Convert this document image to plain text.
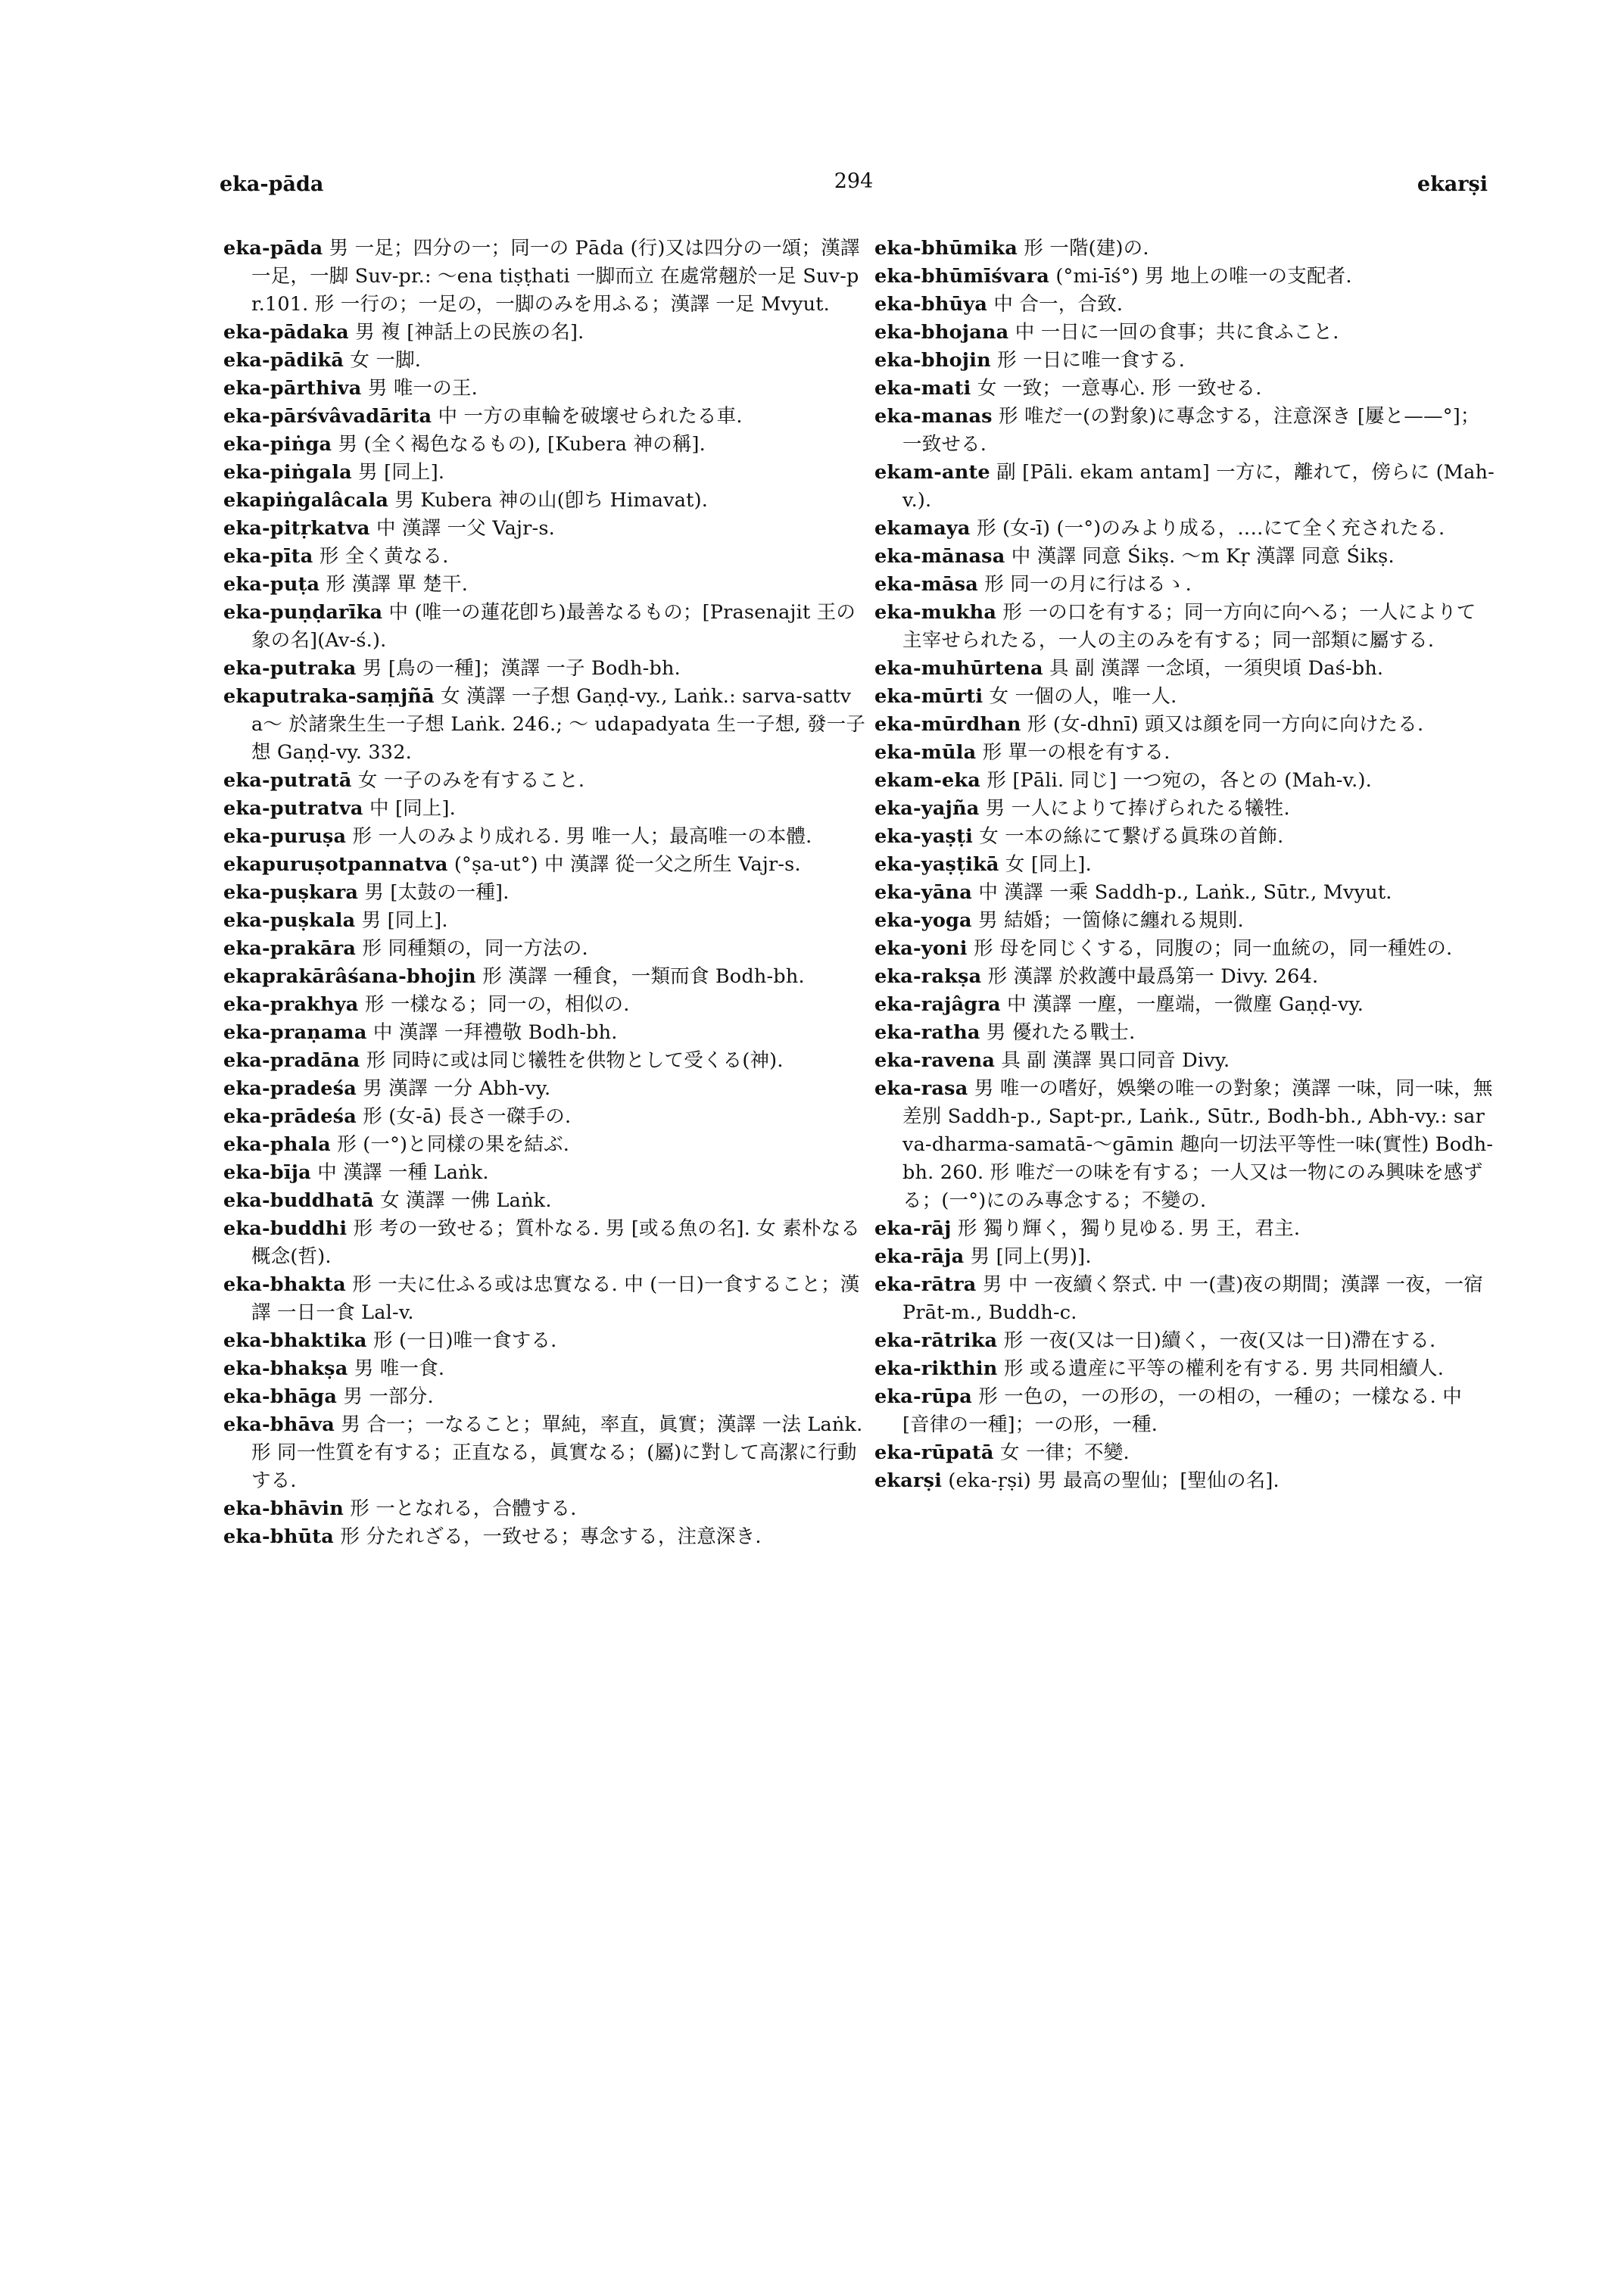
eka-pāda	294	ekarṣi

eka-pāda 男 一足；四分の一；同一の Pāda (行)又は四分の一頌；漢譯 一足，一脚 Suv-pr.: 〜ena tiṣṭhati 一脚而立 在處常翹於一足 Suv-pr.101. 形 一行の；一足の，一脚のみを用ふる；漢譯 一足 Mvyut.

eka-pādaka 男 複 [神話上の民族の名].

eka-pādikā 女 一脚.

eka-pārthiva 男 唯一の王.

eka-pārśvâvadārita 中 一方の車輪を破壞せられたる車.

eka-piṅga 男 (全く褐色なるもの), [Kubera 神の稱].

eka-piṅgala 男 [同上].

ekapiṅgalâcala 男 Kubera 神の山(卽ち Himavat).

eka-pitṛkatva 中 漢譯 一父 Vajr-s.

eka-pīta 形 全く黄なる.

eka-puṭa 形 漢譯 單 楚干.

eka-puṇḍarīka 中 (唯一の蓮花卽ち)最善なるもの；[Prasenajit 王の象の名](Av-ś.).

eka-putraka 男 [鳥の一種]；漢譯 一子 Bodh-bh.

ekaputraka-saṃjñā 女 漢譯 一子想 Gaṇḍ-vy., Laṅk.: sarva-sattva〜 於諸衆生生一子想 Laṅk. 246.; 〜 udapadyata 生一子想, 發一子想 Gaṇḍ-vy. 332.

eka-putratā 女 一子のみを有すること.

eka-putratva 中 [同上].

eka-puruṣa 形 一人のみより成れる. 男 唯一人；最高唯一の本體.

ekapuruṣotpannatva (°ṣa-ut°) 中 漢譯 從一父之所生 Vajr-s.

eka-puṣkara 男 [太鼓の一種].

eka-puṣkala 男 [同上].

eka-prakāra 形 同種類の，同一方法の.

ekaprakārâśana-bhojin 形 漢譯 一種食，一類而食 Bodh-bh.

eka-prakhya 形 一樣なる；同一の，相似の.

eka-praṇama 中 漢譯 一拜禮敬 Bodh-bh.

eka-pradāna 形 同時に或は同じ犧牲を供物として受くる(神).

eka-pradeśa 男 漢譯 一分 Abh-vy.

eka-prādeśa 形 (女-ā) 長さ一磔手の.

eka-phala 形 (一°)と同樣の果を結ぶ.

eka-bīja 中 漢譯 一種 Laṅk.

eka-buddhatā 女 漢譯 一佛 Laṅk.

eka-buddhi 形 考の一致せる；質朴なる. 男 [或る魚の名]. 女 素朴なる概念(哲).

eka-bhakta 形 一夫に仕ふる或は忠實なる. 中 (一日)一食すること；漢譯 一日一食 Lal-v.

eka-bhaktika 形 (一日)唯一食する.

eka-bhakṣa 男 唯一食.

eka-bhāga 男 一部分.

eka-bhāva 男 合一；一なること；單純，率直，眞實；漢譯 一法 Laṅk. 形 同一性質を有する；正直なる，眞實なる；(屬)に對して高潔に行動する.

eka-bhāvin 形 一となれる，合體する.

eka-bhūta 形 分たれざる，一致せる；專念する，注意深き.

eka-bhūmika 形 一階(建)の.

eka-bhūmīśvara (°mi-īś°) 男 地上の唯一の支配者.

eka-bhūya 中 合一，合致.

eka-bhojana 中 一日に一回の食事；共に食ふこと.

eka-bhojin 形 一日に唯一食する.

eka-mati 女 一致；一意專心. 形 一致せる.

eka-manas 形 唯だ一(の對象)に專念する，注意深き [屢と——°]；一致せる.

ekam-ante 副 [Pāli. ekam antam] 一方に，離れて，傍らに (Mah-v.).

ekamaya 形 (女-ī) (一°)のみより成る，‥‥にて全く充されたる.

eka-mānasa 中 漢譯 同意 Śikṣ. 〜m Kṛ 漢譯 同意 Śikṣ.

eka-māsa 形 同一の月に行はるゝ.

eka-mukha 形 一の口を有する；同一方向に向へる；一人によりて主宰せられたる，一人の主のみを有する；同一部類に屬する.

eka-muhūrtena 具 副 漢譯 一念頃，一須臾頃 Daś-bh.

eka-mūrti 女 一個の人，唯一人.

eka-mūrdhan 形 (女-dhnī) 頭又は顔を同一方向に向けたる.

eka-mūla 形 單一の根を有する.

ekam-eka 形 [Pāli. 同じ] 一つ宛の，各との (Mah-v.).

eka-yajña 男 一人によりて捧げられたる犧牲.

eka-yaṣṭi 女 一本の絲にて繋げる眞珠の首飾.

eka-yaṣṭikā 女 [同上].

eka-yāna 中 漢譯 一乘 Saddh-p., Laṅk., Sūtr., Mvyut.

eka-yoga 男 結婚；一箇條に纏れる規則.

eka-yoni 形 母を同じくする，同腹の；同一血統の，同一種姓の.

eka-rakṣa 形 漢譯 於救護中最爲第一 Divy. 264.

eka-rajâgra 中 漢譯 一塵，一塵端，一微塵 Gaṇḍ-vy.

eka-ratha 男 優れたる戰士.

eka-ravena 具 副 漢譯 異口同音 Divy.

eka-rasa 男 唯一の嗜好，娛樂の唯一の對象；漢譯 一味，同一味，無差別 Saddh-p., Sapt-pr., Laṅk., Sūtr., Bodh-bh., Abh-vy.: sarva-dharma-samatā-〜gāmin 趣向一切法平等性一味(實性) Bodh-bh. 260. 形 唯だ一の味を有する；一人又は一物にのみ興味を感ずる；(一°)にのみ專念する；不變の.

eka-rāj 形 獨り輝く，獨り見ゆる. 男 王，君主.

eka-rāja 男 [同上(男)].

eka-rātra 男 中 一夜續く祭式. 中 一(晝)夜の期間；漢譯 一夜，一宿 Prāt-m., Buddh-c.

eka-rātrika 形 一夜(又は一日)續く，一夜(又は一日)滯在する.

eka-rikthin 形 或る遺産に平等の權利を有する. 男 共同相續人.

eka-rūpa 形 一色の，一の形の，一の相の，一種の；一樣なる. 中 [音律の一種]；一の形，一種.

eka-rūpatā 女 一律；不變.

ekarṣi (eka-ṛṣi) 男 最高の聖仙；[聖仙の名].
